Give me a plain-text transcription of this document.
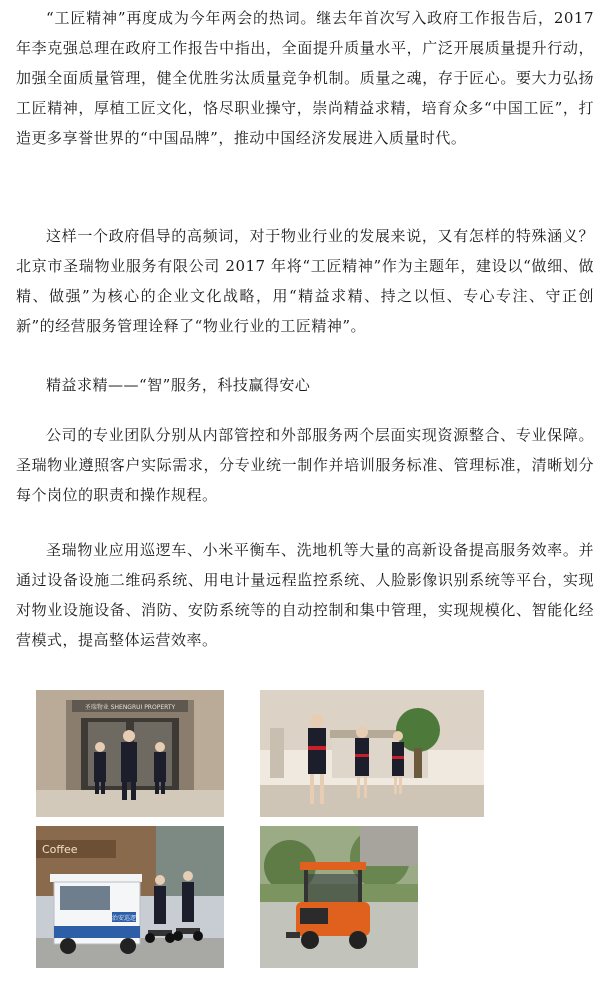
“工匠精神”再度成为今年两会的热词。继去年首次写入政府工作报告后，2017 年李克强总理在政府工作报告中指出，全面提升质量水平，广泛开展质量提升行动，加强全面质量管理，健全优胜劣汰质量竞争机制。质量之魂，存于匠心。要大力弘扬工匠精神，厚植工匠文化，恪尽职业操守，崇尚精益求精，培育众多“中国工匠”，打造更多享誉世界的“中国品牌”，推动中国经济发展进入质量时代。

这样一个政府倡导的高频词，对于物业行业的发展来说，又有怎样的特殊涵义？北京市圣瑞物业服务有限公司 2017 年将“工匠精神”作为主题年，建设以“做细、做精、做强”为核心的企业文化战略，用“精益求精、持之以恒、专心专注、守正创新”的经营服务管理诠释了“物业行业的工匠精神”。

精益求精——“智”服务，科技赢得安心

公司的专业团队分别从内部管控和外部服务两个层面实现资源整合、专业保障。圣瑞物业遵照客户实际需求，分专业统一制作并培训服务标准、管理标准，清晰划分每个岗位的职责和操作规程。

圣瑞物业应用巡逻车、小米平衡车、洗地机等大量的高新设备提高服务效率。并通过设备设施二维码系统、用电计量远程监控系统、人脸影像识别系统等平台，实现对物业设施设备、消防、安防系统等的自动控制和集中管理，实现规模化、智能化经营模式，提高整体运营效率。

圣瑞物业 SHENGRUI PROPERTY
Coffee
治安巡逻
